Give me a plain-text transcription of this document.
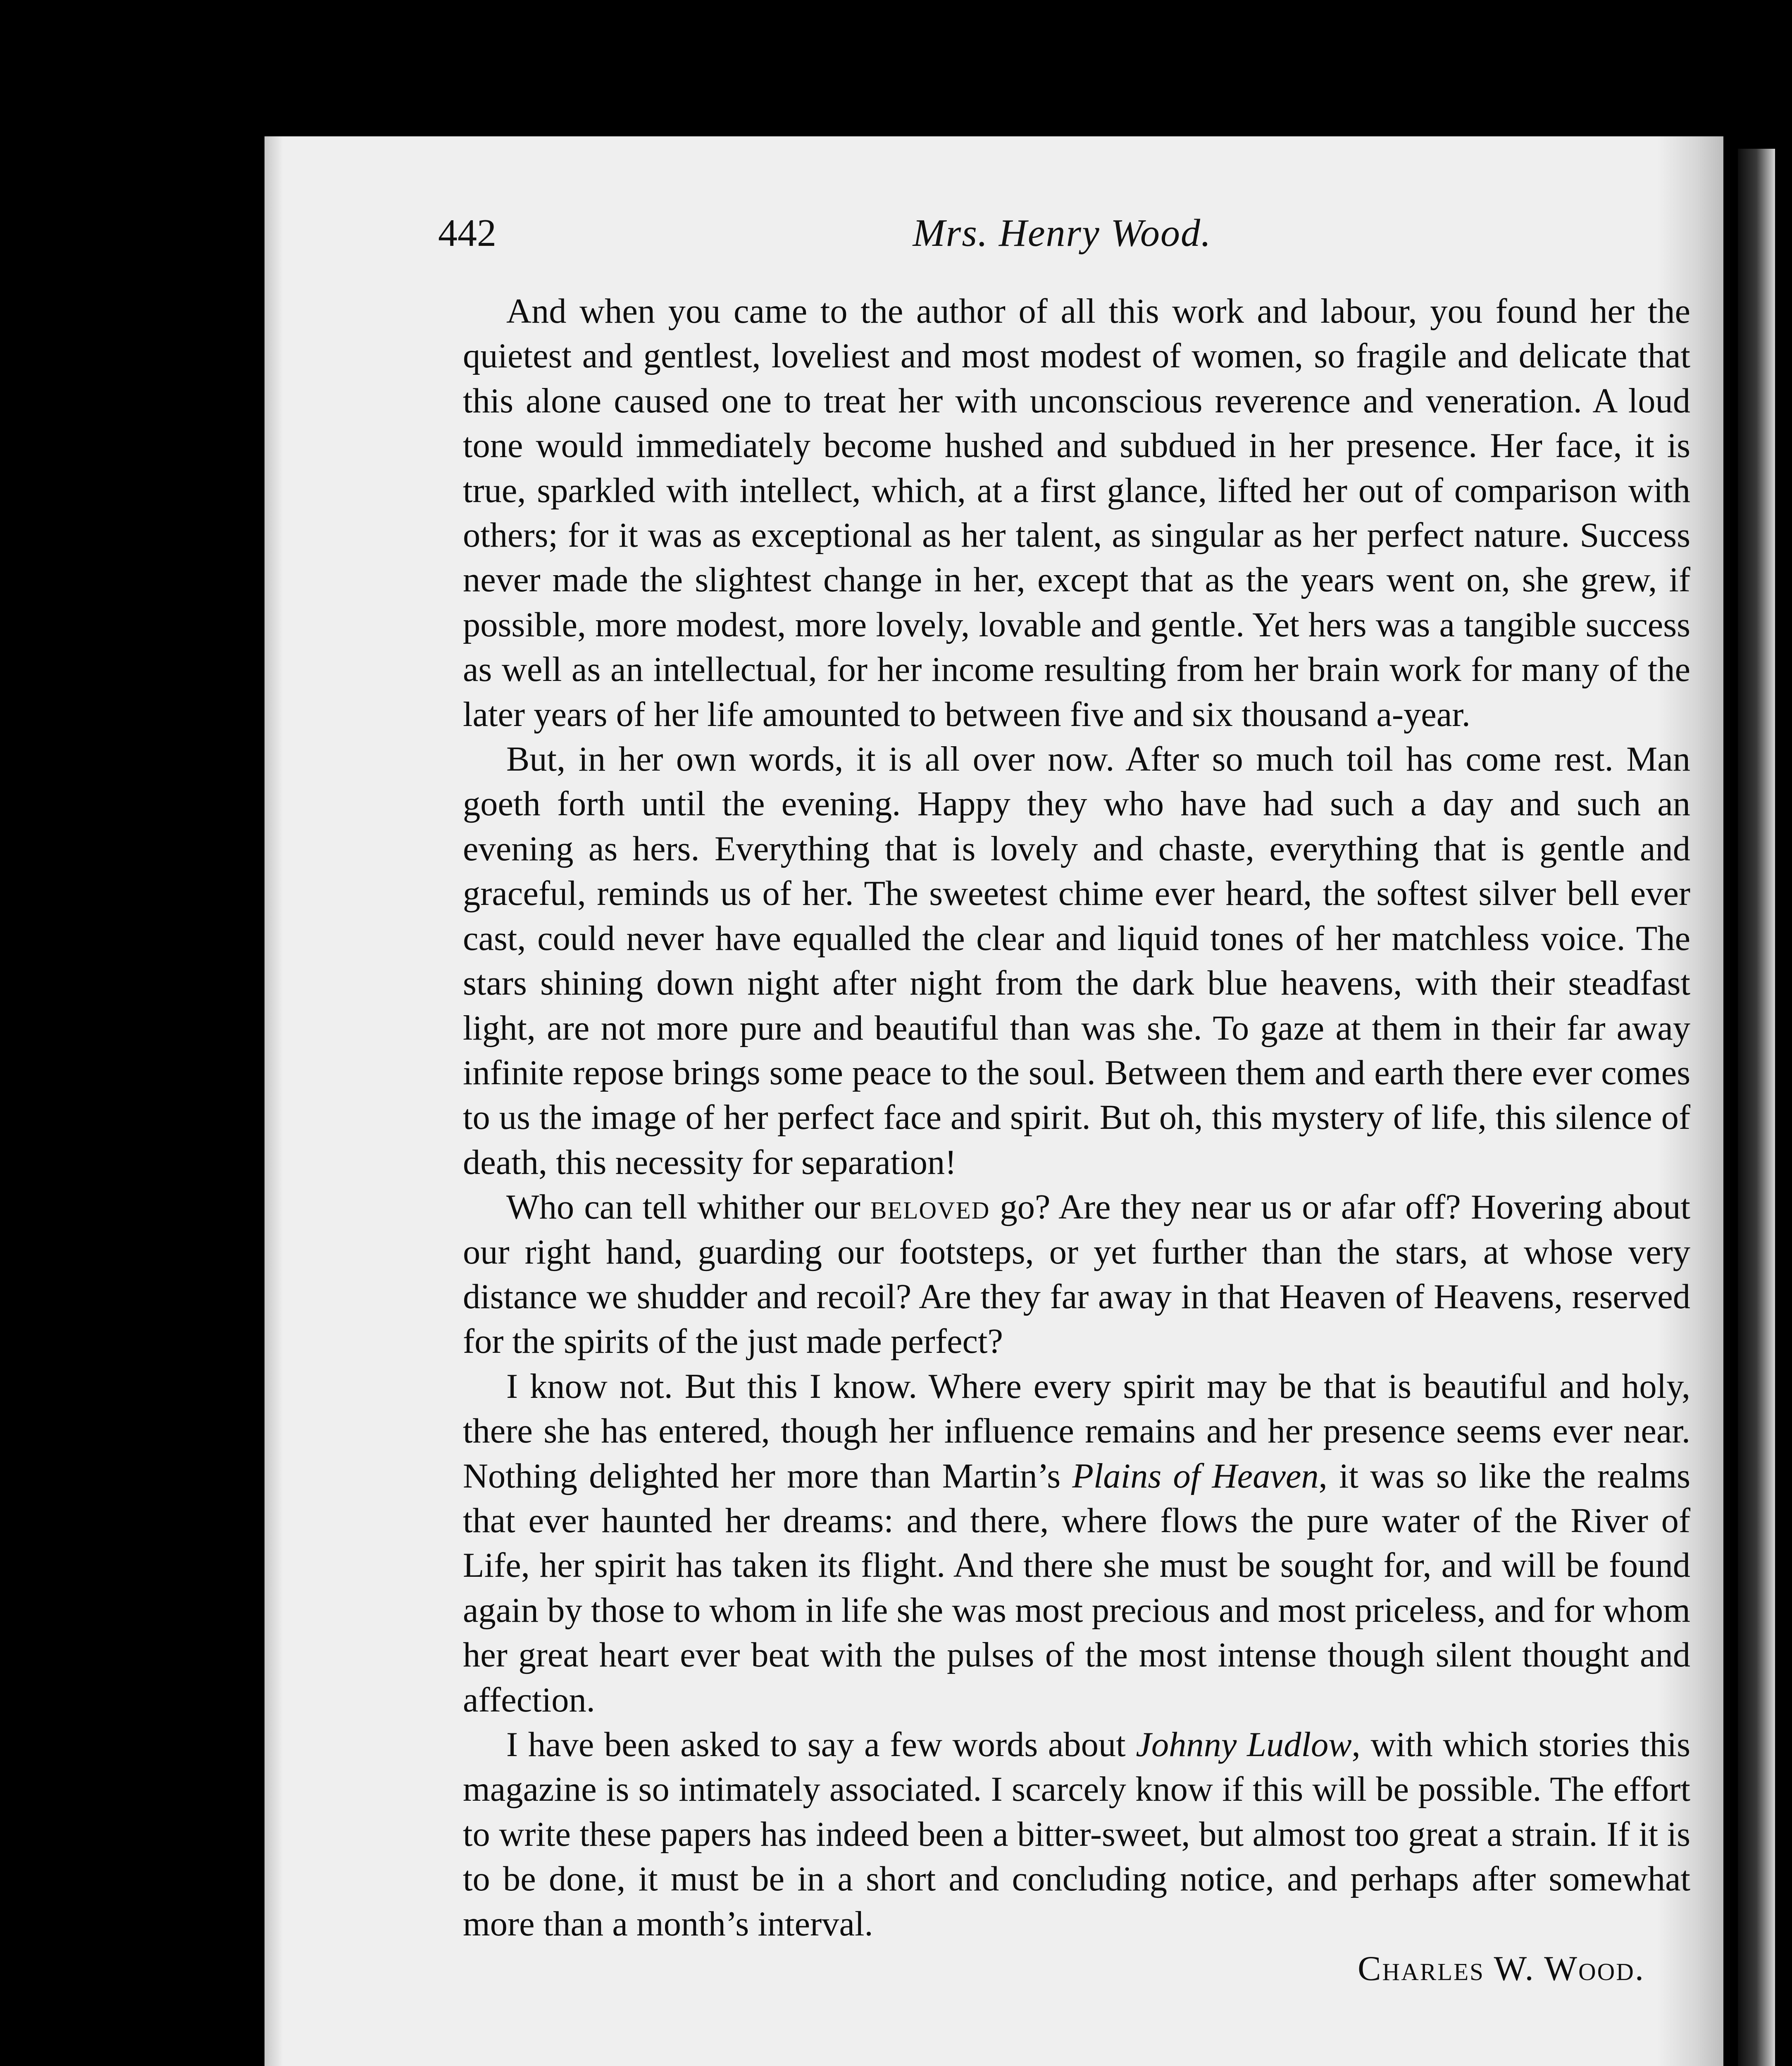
442	Mrs. Henry Wood.

And when you came to the author of all this work and labour, you found her the quietest and gentlest, loveliest and most modest of women, so fragile and delicate that this alone caused one to treat her with unconscious reverence and veneration. A loud tone would immediately become hushed and subdued in her presence. Her face, it is true, sparkled with intellect, which, at a first glance, lifted her out of comparison with others; for it was as exceptional as her talent, as singular as her perfect nature. Success never made the slightest change in her, except that as the years went on, she grew, if possible, more modest, more lovely, lovable and gentle. Yet hers was a tangible success as well as an intellectual, for her income resulting from her brain work for many of the later years of her life amounted to between five and six thousand a-year.

But, in her own words, it is all over now. After so much toil has come rest. Man goeth forth until the evening. Happy they who have had such a day and such an evening as hers. Everything that is lovely and chaste, everything that is gentle and graceful, reminds us of her. The sweetest chime ever heard, the softest silver bell ever cast, could never have equalled the clear and liquid tones of her matchless voice. The stars shining down night after night from the dark blue heavens, with their steadfast light, are not more pure and beautiful than was she. To gaze at them in their far away infinite repose brings some peace to the soul. Between them and earth there ever comes to us the image of her perfect face and spirit. But oh, this mystery of life, this silence of death, this necessity for separation!

Who can tell whither our beloved go? Are they near us or afar off? Hovering about our right hand, guarding our footsteps, or yet further than the stars, at whose very distance we shudder and recoil? Are they far away in that Heaven of Heavens, reserved for the spirits of the just made perfect?

I know not. But this I know. Where every spirit may be that is beautiful and holy, there she has entered, though her influence remains and her presence seems ever near. Nothing delighted her more than Martin’s Plains of Heaven, it was so like the realms that ever haunted her dreams: and there, where flows the pure water of the River of Life, her spirit has taken its flight. And there she must be sought for, and will be found again by those to whom in life she was most precious and most priceless, and for whom her great heart ever beat with the pulses of the most intense though silent thought and affection.

I have been asked to say a few words about Johnny Ludlow, with which stories this magazine is so intimately associated. I scarcely know if this will be possible. The effort to write these papers has indeed been a bitter-sweet, but almost too great a strain. If it is to be done, it must be in a short and concluding notice, and perhaps after somewhat more than a month’s interval.

Charles W. Wood.
